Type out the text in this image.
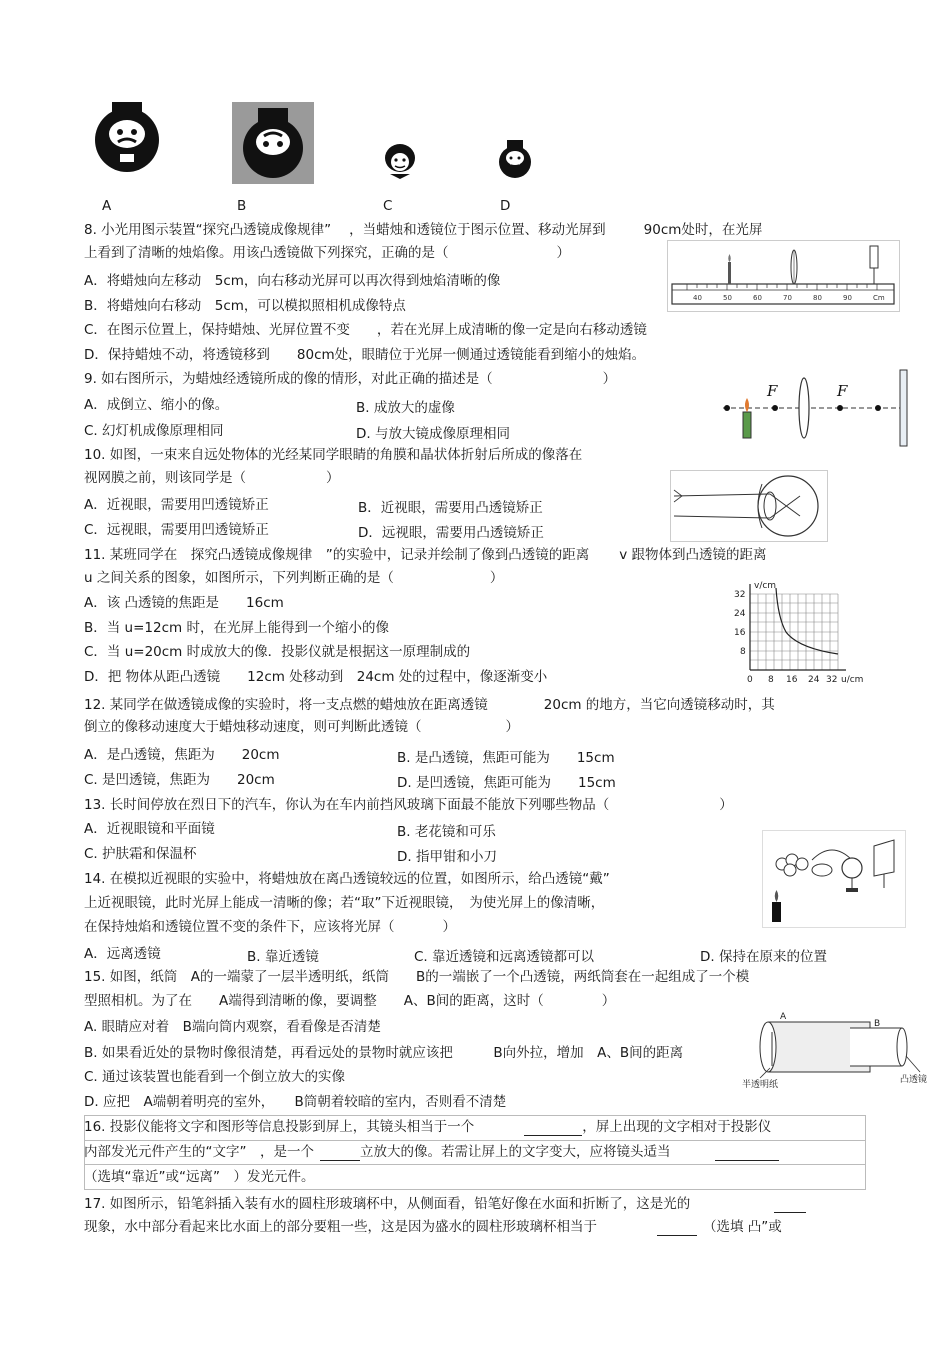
A	B	C	D
8. 小光用图示装置“探究凸透镜成像规律” ，当蜡烛和透镜位于图示位置、移动光屏到	90cm处时，在光屏
上看到了清晰的烛焰像。用该凸透镜做下列探究，正确的是（	）
A．将蜡烛向左移动　5cm，向右移动光屏可以再次得到烛焰清晰的像
B．将蜡烛向右移动　5cm，可以模拟照相机成像特点
C．在图示位置上，保持蜡烛、光屏位置不变　　，若在光屏上成清晰的像一定是向右移动透镜
D．保持蜡烛不动，将透镜移到　　80cm处，眼睛位于光屏一侧通过透镜能看到缩小的烛焰。
40	50	60	70	80	90	Cm
9. 如右图所示，为蜡烛经透镜所成的像的情形，对此正确的描述是（	）
A．成倒立、缩小的像。	B. 成放大的虚像
C. 幻灯机成像原理相同	D. 与放大镜成像原理相同
F	F
10. 如图，一束来自远处物体的光经某同学眼睛的角膜和晶状体折射后所成的像落在
视网膜之前，则该同学是（	）
A．近视眼，需要用凹透镜矫正	B．近视眼，需要用凸透镜矫正
C．远视眼，需要用凹透镜矫正	D．远视眼，需要用凸透镜矫正
11. 某班同学在　探究凸透镜成像规律　”的实验中，记录并绘制了像到凸透镜的距离 v 跟物体到凸透镜的距离
u 之间关系的图象，如图所示，下列判断正确的是（	）
A．该 凸透镜的焦距是　　16cm
B．当 u=12cm 时，在光屏上能得到一个缩小的像
C．当 u=20cm 时成放大的像．投影仪就是根据这一原理制成的
D．把 物体从距凸透镜　　12cm 处移动到　24cm 处的过程中，像逐渐变小
v/cm
u/cm
32
24
16
8
0 8 16 24 32
12. 某同学在做透镜成像的实验时，将一支点燃的蜡烛放在距离透镜	20cm 的地方，当它向透镜移动时，其
倒立的像移动速度大于蜡烛移动速度，则可判断此透镜（	）
A．是凸透镜，焦距为　　20cm	B. 是凸透镜，焦距可能为　　15cm
C. 是凹透镜，焦距为　　20cm	D. 是凹透镜，焦距可能为　　15cm
13. 长时间停放在烈日下的汽车，你认为在车内前挡风玻璃下面最不能放下列哪些物品（	）
A．近视眼镜和平面镜	B. 老花镜和可乐
C. 护肤霜和保温杯	D. 指甲钳和小刀
14. 在模拟近视眼的实验中，将蜡烛放在离凸透镜较远的位置，如图所示，给凸透镜“戴”
上近视眼镜，此时光屏上能成一清晰的像；若“取”下近视眼镜，　为使光屏上的像清晰，
在保持烛焰和透镜位置不变的条件下，应该将光屏（	）
A．远离透镜	B. 靠近透镜	C. 靠近透镜和远离透镜都可以	D. 保持在原来的位置
15. 如图，纸筒　A的一端蒙了一层半透明纸，纸筒　　B的一端嵌了一个凸透镜，两纸筒套在一起组成了一个模
型照相机。为了在　　A端得到清晰的像，要调整　　A、B间的距离，这时（	）
A. 眼睛应对着　B端向筒内观察，看看像是否清楚
B. 如果看近处的景物时像很清楚，再看远处的景物时就应该把　　　B向外拉，增加　A、B间的距离
C. 通过该装置也能看到一个倒立放大的实像
D. 应把　A端朝着明亮的室外，　　B筒朝着较暗的室内，否则看不清楚
A
B
半透明纸	凸透镜
16. 投影仪能将文字和图形等信息投影到屏上，其镜头相当于一个	，屏上出现的文字相对于投影仪
内部发光元件产生的“文字”　，是一个	立放大的像。若需让屏上的文字变大，应将镜头适当
（选填“靠近”或“远离”　）发光元件。
17. 如图所示，铅笔斜插入装有水的圆柱形玻璃杯中，从侧面看，铅笔好像在水面和折断了，这是光的
现象，水中部分看起来比水面上的部分要粗一些，这是因为盛水的圆柱形玻璃杯相当于	（选填 凸”或
